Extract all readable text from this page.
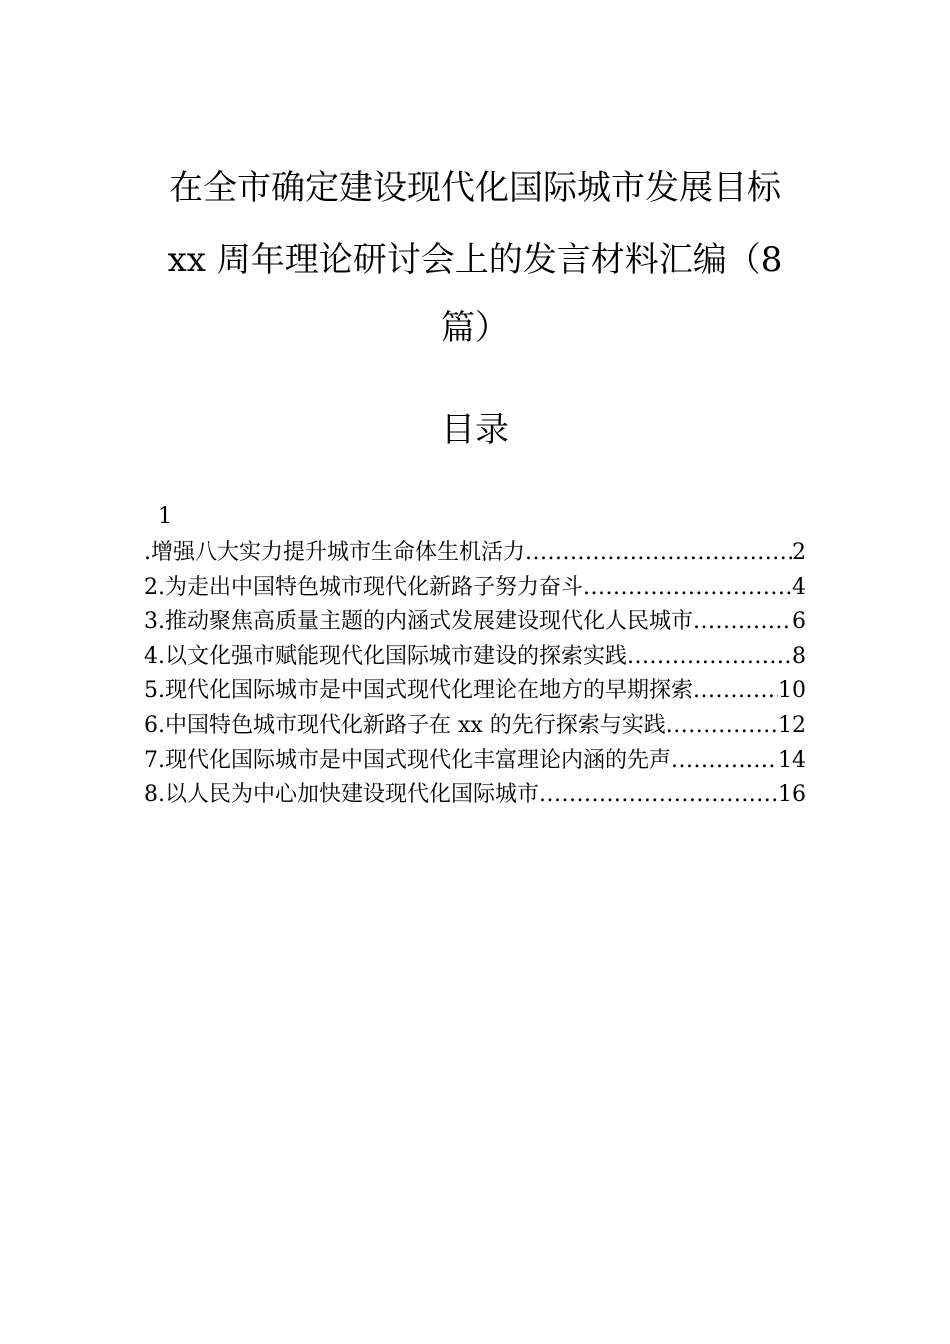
在全市确定建设现代化国际城市发展目标
xx 周年理论研讨会上的发言材料汇编（8
篇）
目录
1
.增强八大实力提升城市生命体生机活力 .....	2
2.为走出中国特色城市现代化新路子努力奋斗 .....	4
3.推动聚焦高质量主题的内涵式发展建设现代化人民城市 .....	6
4.以文化强市赋能现代化国际城市建设的探索实践 .....	8
5.现代化国际城市是中国式现代化理论在地方的早期探索 .....	10
6.中国特色城市现代化新路子在 xx 的先行探索与实践 .....	12
7.现代化国际城市是中国式现代化丰富理论内涵的先声 .....	14
8.以人民为中心加快建设现代化国际城市 .....	16
